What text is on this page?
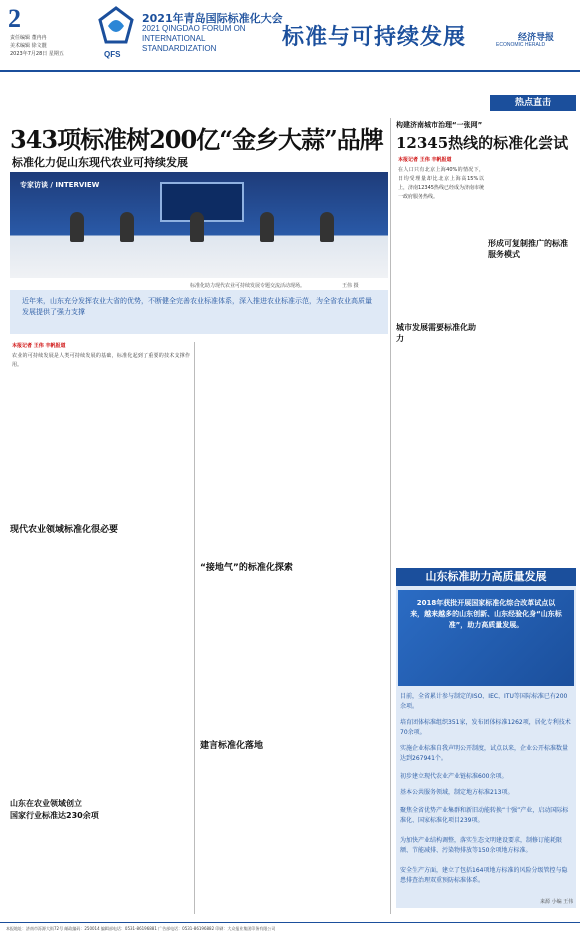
2
责任编辑 董冉冉
美术编辑 徐文靓
2023年7月28日 星期五	QFS
2021年青岛国际标准化大会
2021 QINGDAO FORUM ON INTERNATIONAL STANDARDIZATION	标准与可持续发展	经济导报
ECONOMIC HERALD
热点直击
343项标准树200亿“金乡大蒜”品牌
标准化力促山东现代农业可持续发展
专家访谈 / INTERVIEW
标准化助力现代农业可持续发展专题交流活动现场。	王伟 摄
近年来，山东充分发挥农业大省的优势，不断健全完善农业标准体系，深入推进农业标准示范，为全省农业高质量发展提供了强力支撑
本报记者 王伟 丰帆报道
农业的可持续发展是人类可持续发展的基础，标准化起到了重要的技术支撑作用。
现代农业领域标准化很必要
“接地气”的标准化探索
建言标准化落地
山东在农业领域创立
国家行业标准达230余项
构建济南城市治理“一张网”
12345热线的标准化尝试
本报记者 王伟 丰帆报道
在人口只有北京上海40%的情况下，日均受理量却比北京上海高15%以上，济南12345热线已经成为济南市统一政府服务热线。
城市发展需要标准化助力
形成可复制推广的标准服务模式
山东标准助力高质量发展
2018年获批开展国家标准化综合改革试点以来，越来越多的山东创新、山东经验化身“山东标准”，助力高质量发展。
目前，全省累计参与制定的ISO、IEC、ITU等国际标准已有200余项。
培育团体标准组织351家，发布团体标准1262项，居化专利技术70余项。
实施企业标准自我声明公开制度，试点以来，企业公开标准数量达到267941个。
初步建立现代农业产业链标准600余项。
基本公共服务领域，制定地方标准213项。
聚焦全省优势产业集群和新旧动能转换“十强”产业，启动国际标准化、国家标准化项目239项。
为加快产业结构调整，落实生态文明建设要求，制修订能耗限额、节能减排、污染物排放等150余项地方标准。
安全生产方面，建立了包括164项地方标准的风险分级管控与隐患排查治理双重预防标准体系。
来源 小编 王伟
本报地址：济南市泺源大街72号 邮政编码：250014 编辑部电话：0531-86196881 广告部电话：0531-86196882 印刷：大众报业集团印务有限公司
